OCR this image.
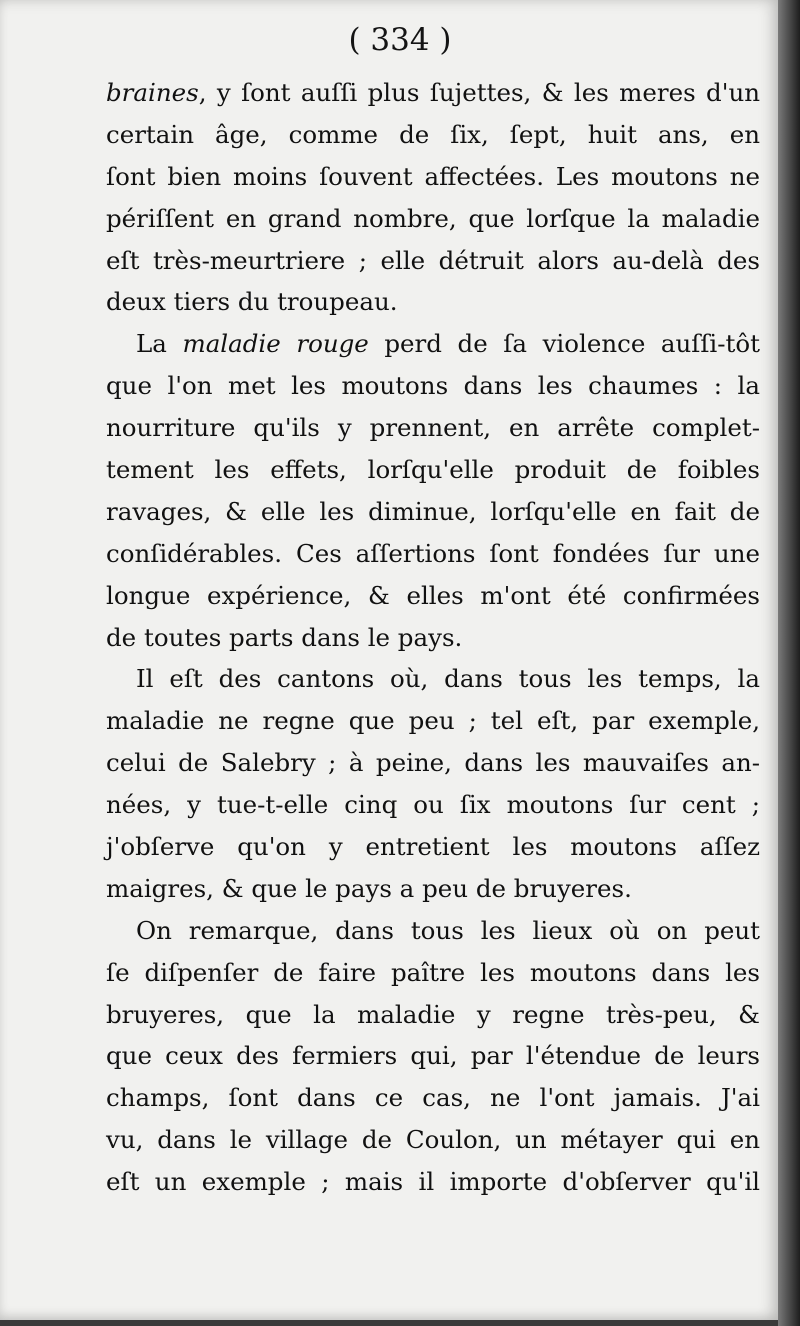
( 334 )
braines, y ſont auſſi plus ſujettes, & les meres d'un
certain âge, comme de ſix, ſept, huit ans, en
ſont bien moins ſouvent affectées. Les moutons ne
périſſent en grand nombre, que lorſque la maladie
eſt très-meurtriere ; elle détruit alors au-delà des
deux tiers du troupeau.
La maladie rouge perd de ſa violence auſſi-tôt
que l'on met les moutons dans les chaumes : la
nourriture qu'ils y prennent, en arrête complet-
tement les effets, lorſqu'elle produit de foibles
ravages, & elle les diminue, lorſqu'elle en fait de
conſidérables. Ces aſſertions ſont fondées ſur une
longue expérience, & elles m'ont été confirmées
de toutes parts dans le pays.
Il eſt des cantons où, dans tous les temps, la
maladie ne regne que peu ; tel eſt, par exemple,
celui de Salebry ; à peine, dans les mauvaiſes an-
nées, y tue-t-elle cinq ou ſix moutons ſur cent ;
j'obſerve qu'on y entretient les moutons aſſez
maigres, & que le pays a peu de bruyeres.
On remarque, dans tous les lieux où on peut
ſe diſpenſer de faire paître les moutons dans les
bruyeres, que la maladie y regne très-peu, &
que ceux des fermiers qui, par l'étendue de leurs
champs, ſont dans ce cas, ne l'ont jamais. J'ai
vu, dans le village de Coulon, un métayer qui en
eſt un exemple ; mais il importe d'obſerver qu'il
